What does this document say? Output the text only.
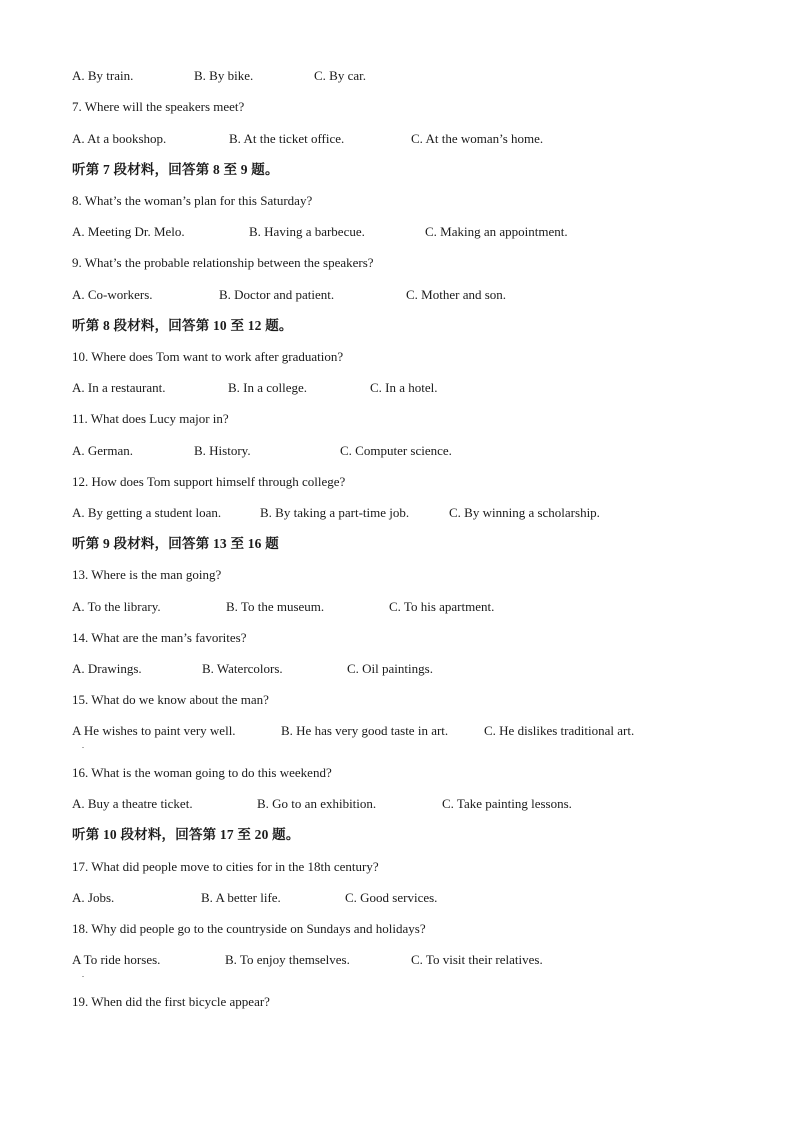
A. By train.	B. By bike.	C. By car.
7. Where will the speakers meet?
A. At a bookshop.	B. At the ticket office.	C. At the woman’s home.
听第 7 段材料，回答第 8 至 9 题。
8. What’s the woman’s plan for this Saturday?
A. Meeting Dr. Melo.	B. Having a barbecue.	C. Making an appointment.
9. What’s the probable relationship between the speakers?
A. Co-workers.	B. Doctor and patient.	C. Mother and son.
听第 8 段材料，回答第 10 至 12 题。
10. Where does Tom want to work after graduation?
A. In a restaurant.	B. In a college.	C. In a hotel.
11. What does Lucy major in?
A. German.	B. History.	C. Computer science.
12. How does Tom support himself through college?
A. By getting a student loan.	B. By taking a part-time job.	C. By winning a scholarship.
听第 9 段材料，回答第 13 至 16 题
13. Where is the man going?
A. To the library.	B. To the museum.	C. To his apartment.
14. What are the man’s favorites?
A. Drawings.	B. Watercolors.	C. Oil paintings.
15. What do we know about the man?
A He wishes to paint very well.	B. He has very good taste in art.	C. He dislikes traditional art.
.
16. What is the woman going to do this weekend?
A. Buy a theatre ticket.	B. Go to an exhibition.	C. Take painting lessons.
听第 10 段材料，回答第 17 至 20 题。
17. What did people move to cities for in the 18th century?
A. Jobs.	B. A better life.	C. Good services.
18. Why did people go to the countryside on Sundays and holidays?
A To ride horses.	B. To enjoy themselves.	C. To visit their relatives.
.
19. When did the first bicycle appear?
